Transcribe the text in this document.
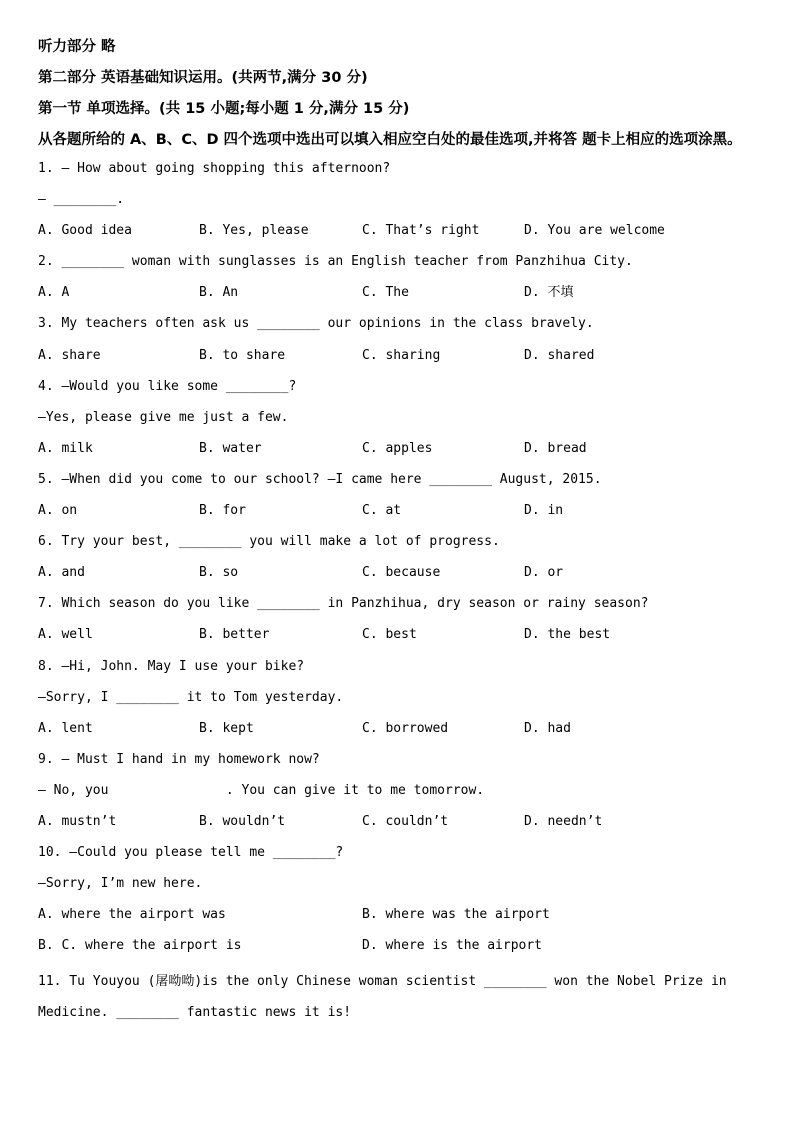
听力部分 略
第二部分 英语基础知识运用。(共两节,满分 30 分)
第一节 单项选择。(共 15 小题;每小题 1 分,满分 15 分)
从各题所给的 A、B、C、D 四个选项中选出可以填入相应空白处的最佳选项,并将答 题卡上相应的选项涂黑。
1. — How about going shopping this afternoon?
— ________.
A. Good idea	B. Yes, please	C. That’s right	D. You are welcome
2. ________ woman with sunglasses is an English teacher from Panzhihua City.
A. A	B. An	C. The	D. 不填
3. My teachers often ask us ________ our opinions in the class bravely.
A. share	B. to share	C. sharing	D. shared
4. —Would you like some ________?
—Yes, please give me just a few.
A. milk	B. water	C. apples	D. bread
5. —When did you come to our school? —I came here ________ August, 2015.
A. on	B. for	C. at	D. in
6. Try your best, ________ you will make a lot of progress.
A. and	B. so	C. because	D. or
7. Which season do you like ________ in Panzhihua, dry season or rainy season?
A. well	B. better	C. best	D. the best
8. —Hi, John. May I use your bike?
—Sorry, I ________ it to Tom yesterday.
A. lent	B. kept	C. borrowed	D. had
9. — Must I hand in my homework now?
— No, you               . You can give it to me tomorrow.
A. mustn’t	B. wouldn’t	C. couldn’t	D. needn’t
10. —Could you please tell me ________?
—Sorry, I’m new here.
A. where the airport was	B. where was the airport
B. C. where the airport is	D. where is the airport
11. Tu Youyou (屠呦呦)is the only Chinese woman scientist ________ won the Nobel Prize in Medicine. ________ fantastic news it is!
